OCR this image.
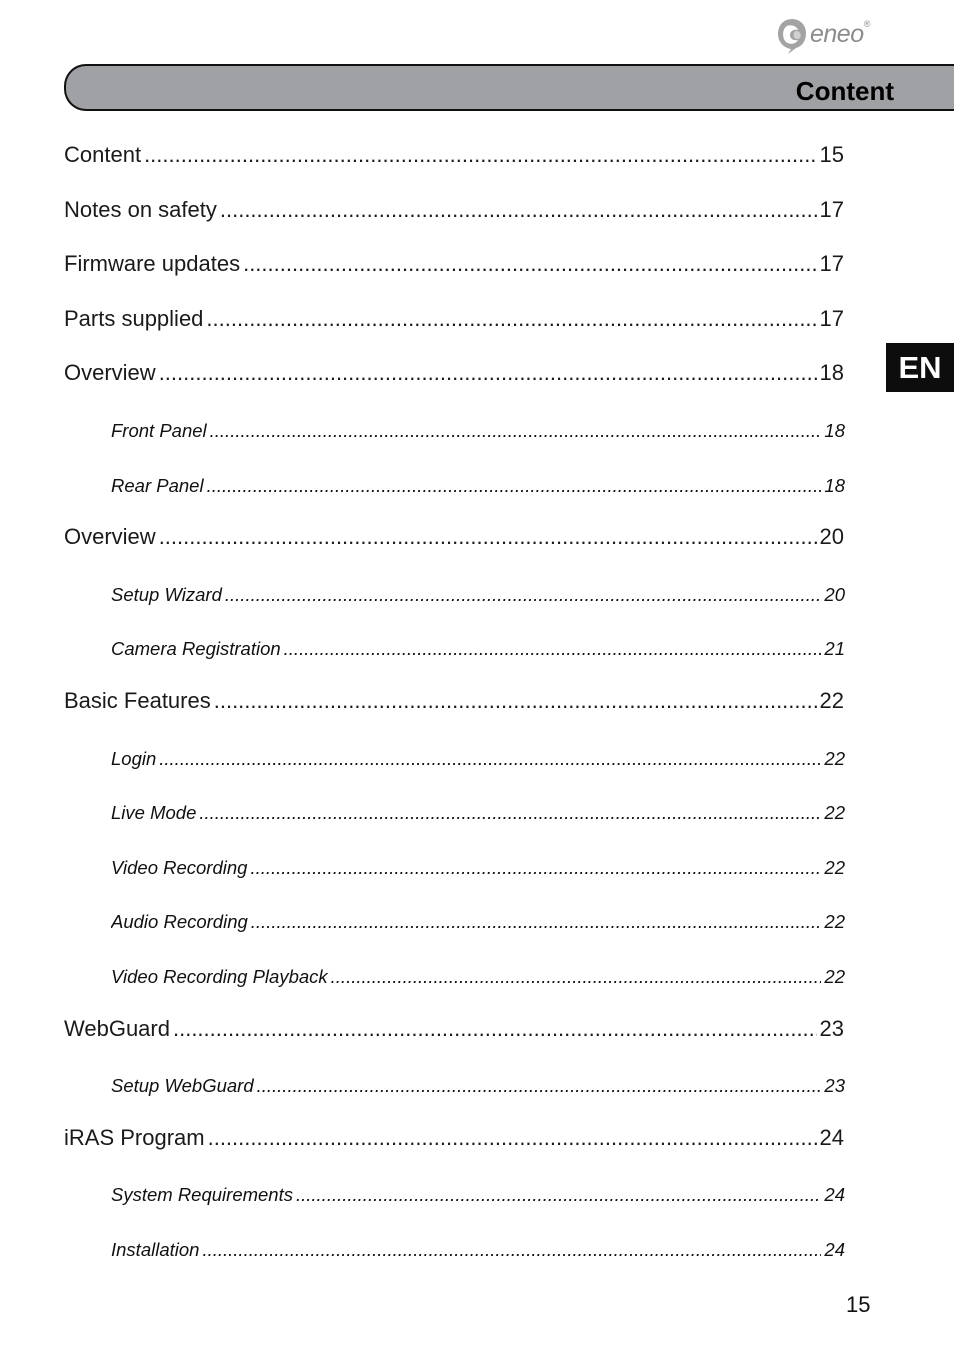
eneo®
Content
EN
Content .....	15
Notes on safety .....	17
Firmware updates .....	17
Parts supplied .....	17
Overview .....	18
Front Panel .....	18
Rear Panel .....	18
Overview .....	20
Setup Wizard .....	20
Camera Registration .....	21
Basic Features .....	22
Login .....	22
Live Mode .....	22
Video Recording .....	22
Audio Recording .....	22
Video Recording Playback .....	22
WebGuard .....	23
Setup WebGuard .....	23
iRAS Program .....	24
System Requirements .....	24
Installation .....	24
15
